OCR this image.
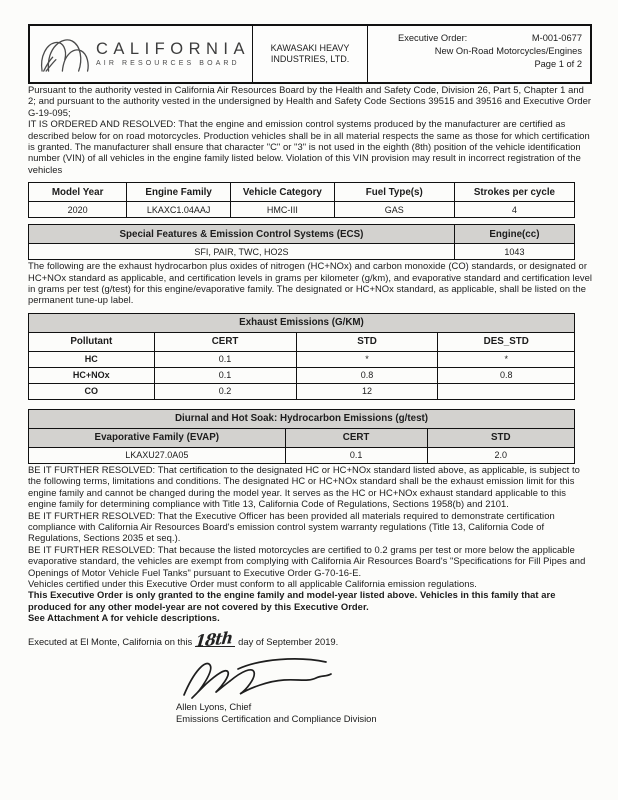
CALIFORNIA
AIR RESOURCES BOARD
KAWASAKI HEAVY
INDUSTRIES, LTD.
Executive Order:	M-001-0677
New On-Road Motorcycles/Engines
Page 1 of 2

Pursuant to the authority vested in California Air Resources Board by the Health and Safety Code, Division 26, Part 5, Chapter 1 and 2; and pursuant to the authority vested in the undersigned by Health and Safety Code Sections 39515 and 39516 and Executive Order G-19-095;

IT IS ORDERED AND RESOLVED: That the engine and emission control systems produced by the manufacturer are certified as described below for on road motorcycles. Production vehicles shall be in all material respects the same as those for which certification is granted. The manufacturer shall ensure that character "C" or "3" is not used in the eighth (8th) position of the vehicle identification number (VIN) of all vehicles in the engine family listed below. Violation of this VIN provision may result in incorrect registration of the vehicles

Model Year	Engine Family	Vehicle Category	Fuel Type(s)	Strokes per cycle
2020	LKAXC1.04AAJ	HMC-III	GAS	4
Special Features & Emission Control Systems (ECS)	Engine(cc)
SFI, PAIR, TWC, HO2S	1043

The following are the exhaust hydrocarbon plus oxides of nitrogen (HC+NOx) and carbon monoxide (CO) standards, or designated or HC+NOx standard as applicable, and certification levels in grams per kilometer (g/km), and evaporative standard and certification level in grams per test (g/test) for this engine/evaporative family. The designated or HC+NOx standard, as applicable, shall be listed on the permanent tune-up label.

Exhaust Emissions (G/KM)			
Pollutant	CERT	STD	DES_STD
HC	0.1	*	*
HC+NOx	0.1	0.8	0.8
CO	0.2	12	
Diurnal and Hot Soak: Hydrocarbon Emissions (g/test)		
Evaporative Family (EVAP)	CERT	STD
LKAXU27.0A05	0.1	2.0

BE IT FURTHER RESOLVED: That certification to the designated HC or HC+NOx standard listed above, as applicable, is subject to the following terms, limitations and conditions. The designated HC or HC+NOx standard shall be the exhaust emission limit for this engine family and cannot be changed during the model year. It serves as the HC or HC+NOx exhaust standard applicable to this engine family for determining compliance with Title 13, California Code of Regulations, Sections 1958(b) and 2101.

BE IT FURTHER RESOLVED: That the Executive Officer has been provided all materials required to demonstrate certification compliance with California Air Resources Board's emission control system warranty regulations (Title 13, California Code of Regulations, Sections 2035 et seq.).

BE IT FURTHER RESOLVED: That because the listed motorcycles are certified to 0.2 grams per test or more below the applicable evaporative standard, the vehicles are exempt from complying with California Air Resources Board's "Specifications for Fill Pipes and Openings of Motor Vehicle Fuel Tanks" pursuant to Executive Order G-70-16-E.

Vehicles certified under this Executive Order must conform to all applicable California emission regulations.

This Executive Order is only granted to the engine family and model-year listed above. Vehicles in this family that are produced for any other model-year are not covered by this Executive Order.

See Attachment A for vehicle descriptions.

Executed at El Monte, California on this 18th day of September 2019.
Allen Lyons, Chief
Emissions Certification and Compliance Division
